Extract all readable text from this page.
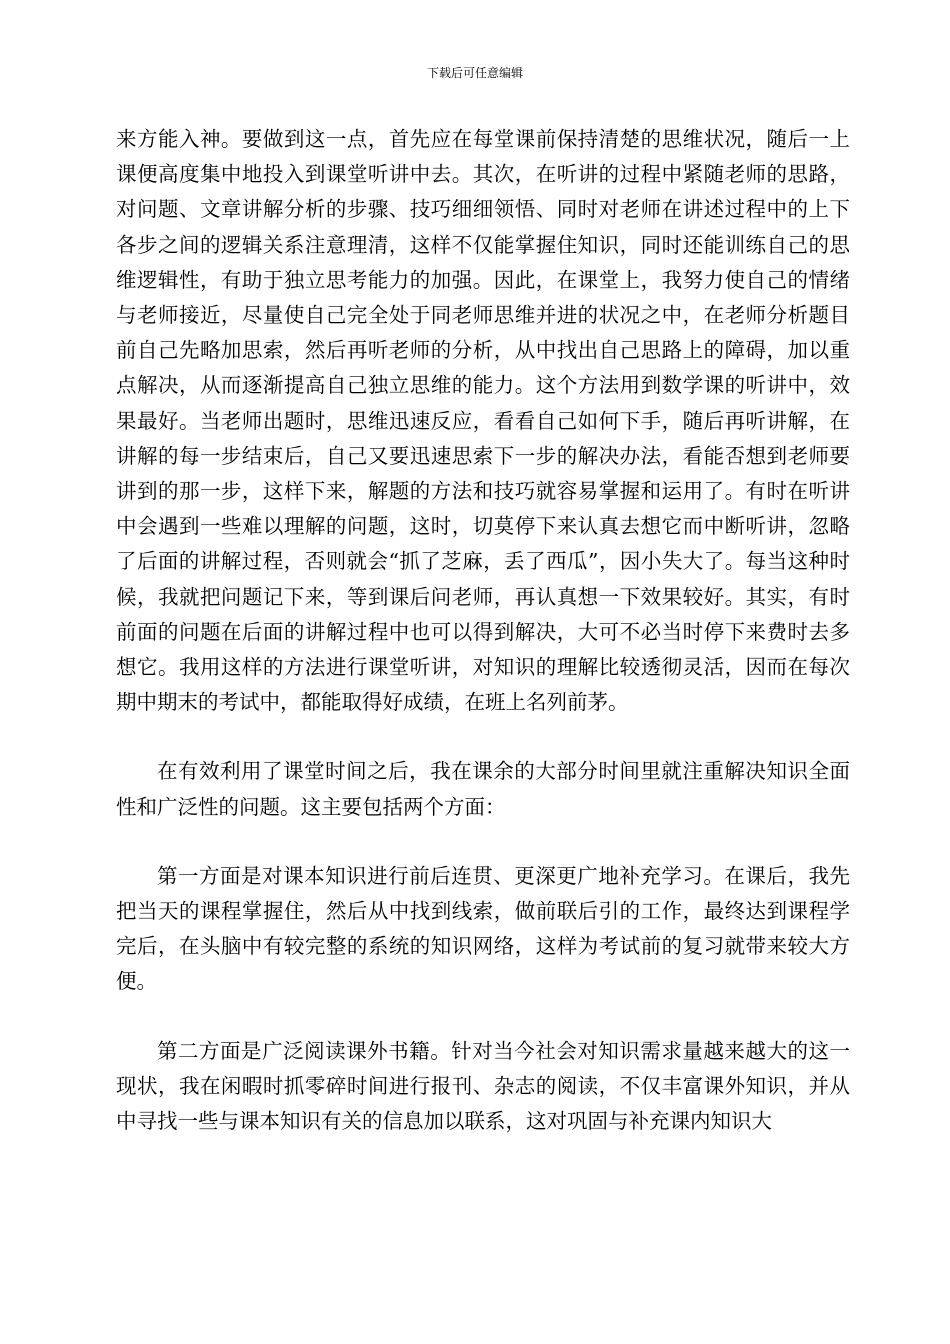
下载后可任意编辑

来方能入神。要做到这一点，首先应在每堂课前保持清楚的思维状况，随后一上课便高度集中地投入到课堂听讲中去。其次，在听讲的过程中紧随老师的思路，对问题、文章讲解分析的步骤、技巧细细领悟、同时对老师在讲述过程中的上下各步之间的逻辑关系注意理清，这样不仅能掌握住知识，同时还能训练自己的思维逻辑性，有助于独立思考能力的加强。因此，在课堂上，我努力使自己的情绪与老师接近，尽量使自己完全处于同老师思维并进的状况之中，在老师分析题目前自己先略加思索，然后再听老师的分析，从中找出自己思路上的障碍，加以重点解决，从而逐渐提高自己独立思维的能力。这个方法用到数学课的听讲中，效果最好。当老师出题时，思维迅速反应，看看自己如何下手，随后再听讲解，在讲解的每一步结束后，自己又要迅速思索下一步的解决办法，看能否想到老师要讲到的那一步，这样下来，解题的方法和技巧就容易掌握和运用了。有时在听讲中会遇到一些难以理解的问题，这时，切莫停下来认真去想它而中断听讲，忽略了后面的讲解过程，否则就会“抓了芝麻，丢了西瓜”，因小失大了。每当这种时候，我就把问题记下来，等到课后问老师，再认真想一下效果较好。其实，有时前面的问题在后面的讲解过程中也可以得到解决，大可不必当时停下来费时去多想它。我用这样的方法进行课堂听讲，对知识的理解比较透彻灵活，因而在每次期中期末的考试中，都能取得好成绩，在班上名列前茅。

在有效利用了课堂时间之后，我在课余的大部分时间里就注重解决知识全面性和广泛性的问题。这主要包括两个方面：

第一方面是对课本知识进行前后连贯、更深更广地补充学习。在课后，我先把当天的课程掌握住，然后从中找到线索，做前联后引的工作，最终达到课程学完后，在头脑中有较完整的系统的知识网络，这样为考试前的复习就带来较大方便。

第二方面是广泛阅读课外书籍。针对当今社会对知识需求量越来越大的这一现状，我在闲暇时抓零碎时间进行报刊、杂志的阅读，不仅丰富课外知识，并从中寻找一些与课本知识有关的信息加以联系，这对巩固与补充课内知识大
